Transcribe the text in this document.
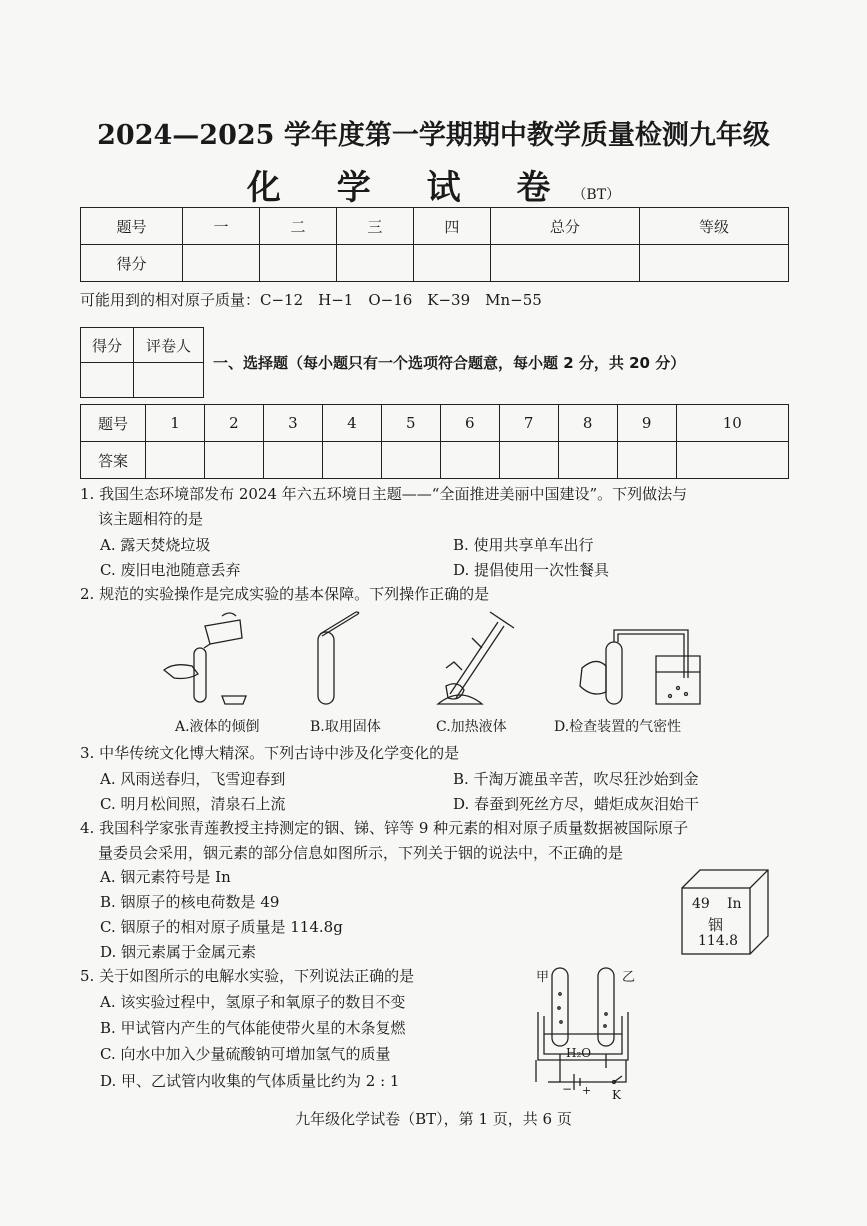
2024—2025 学年度第一学期期中教学质量检测九年级
化 学 试 卷（BT）
题号	一	二	三	四	总分	等级
得分						
可能用到的相对原子质量：C−12　H−1　O−16　K−39　Mn−55
得分	评卷人

一、选择题（每小题只有一个选项符合题意，每小题 2 分，共 20 分）
题号	1	2	3	4	5	6	7	8	9	10
答案										
1. 我国生态环境部发布 2024 年六五环境日主题——“全面推进美丽中国建设”。下列做法与
该主题相符的是
A. 露天焚烧垃圾	B. 使用共享单车出行
C. 废旧电池随意丢弃	D. 提倡使用一次性餐具
2. 规范的实验操作是完成实验的基本保障。下列操作正确的是
A.液体的倾倒	B.取用固体	C.加热液体	D.检查装置的气密性
3. 中华传统文化博大精深。下列古诗中涉及化学变化的是
A. 风雨送春归，飞雪迎春到	B. 千淘万漉虽辛苦，吹尽狂沙始到金
C. 明月松间照，清泉石上流	D. 春蚕到死丝方尽，蜡炬成灰泪始干
4. 我国科学家张青莲教授主持测定的铟、锑、锌等 9 种元素的相对原子质量数据被国际原子
量委员会采用，铟元素的部分信息如图所示，下列关于铟的说法中，不正确的是
A. 铟元素符号是 In
B. 铟原子的核电荷数是 49
C. 铟原子的相对原子质量是 114.8g
D. 铟元素属于金属元素
49 In
铟
114.8
5. 关于如图所示的电解水实验，下列说法正确的是
A. 该实验过程中，氢原子和氧原子的数目不变
B. 甲试管内产生的气体能使带火星的木条复燃
C. 向水中加入少量硫酸钠可增加氢气的质量
D. 甲、乙试管内收集的气体质量比约为 2 : 1
甲	乙
H₂O
− + K
九年级化学试卷（BT），第 1 页，共 6 页
